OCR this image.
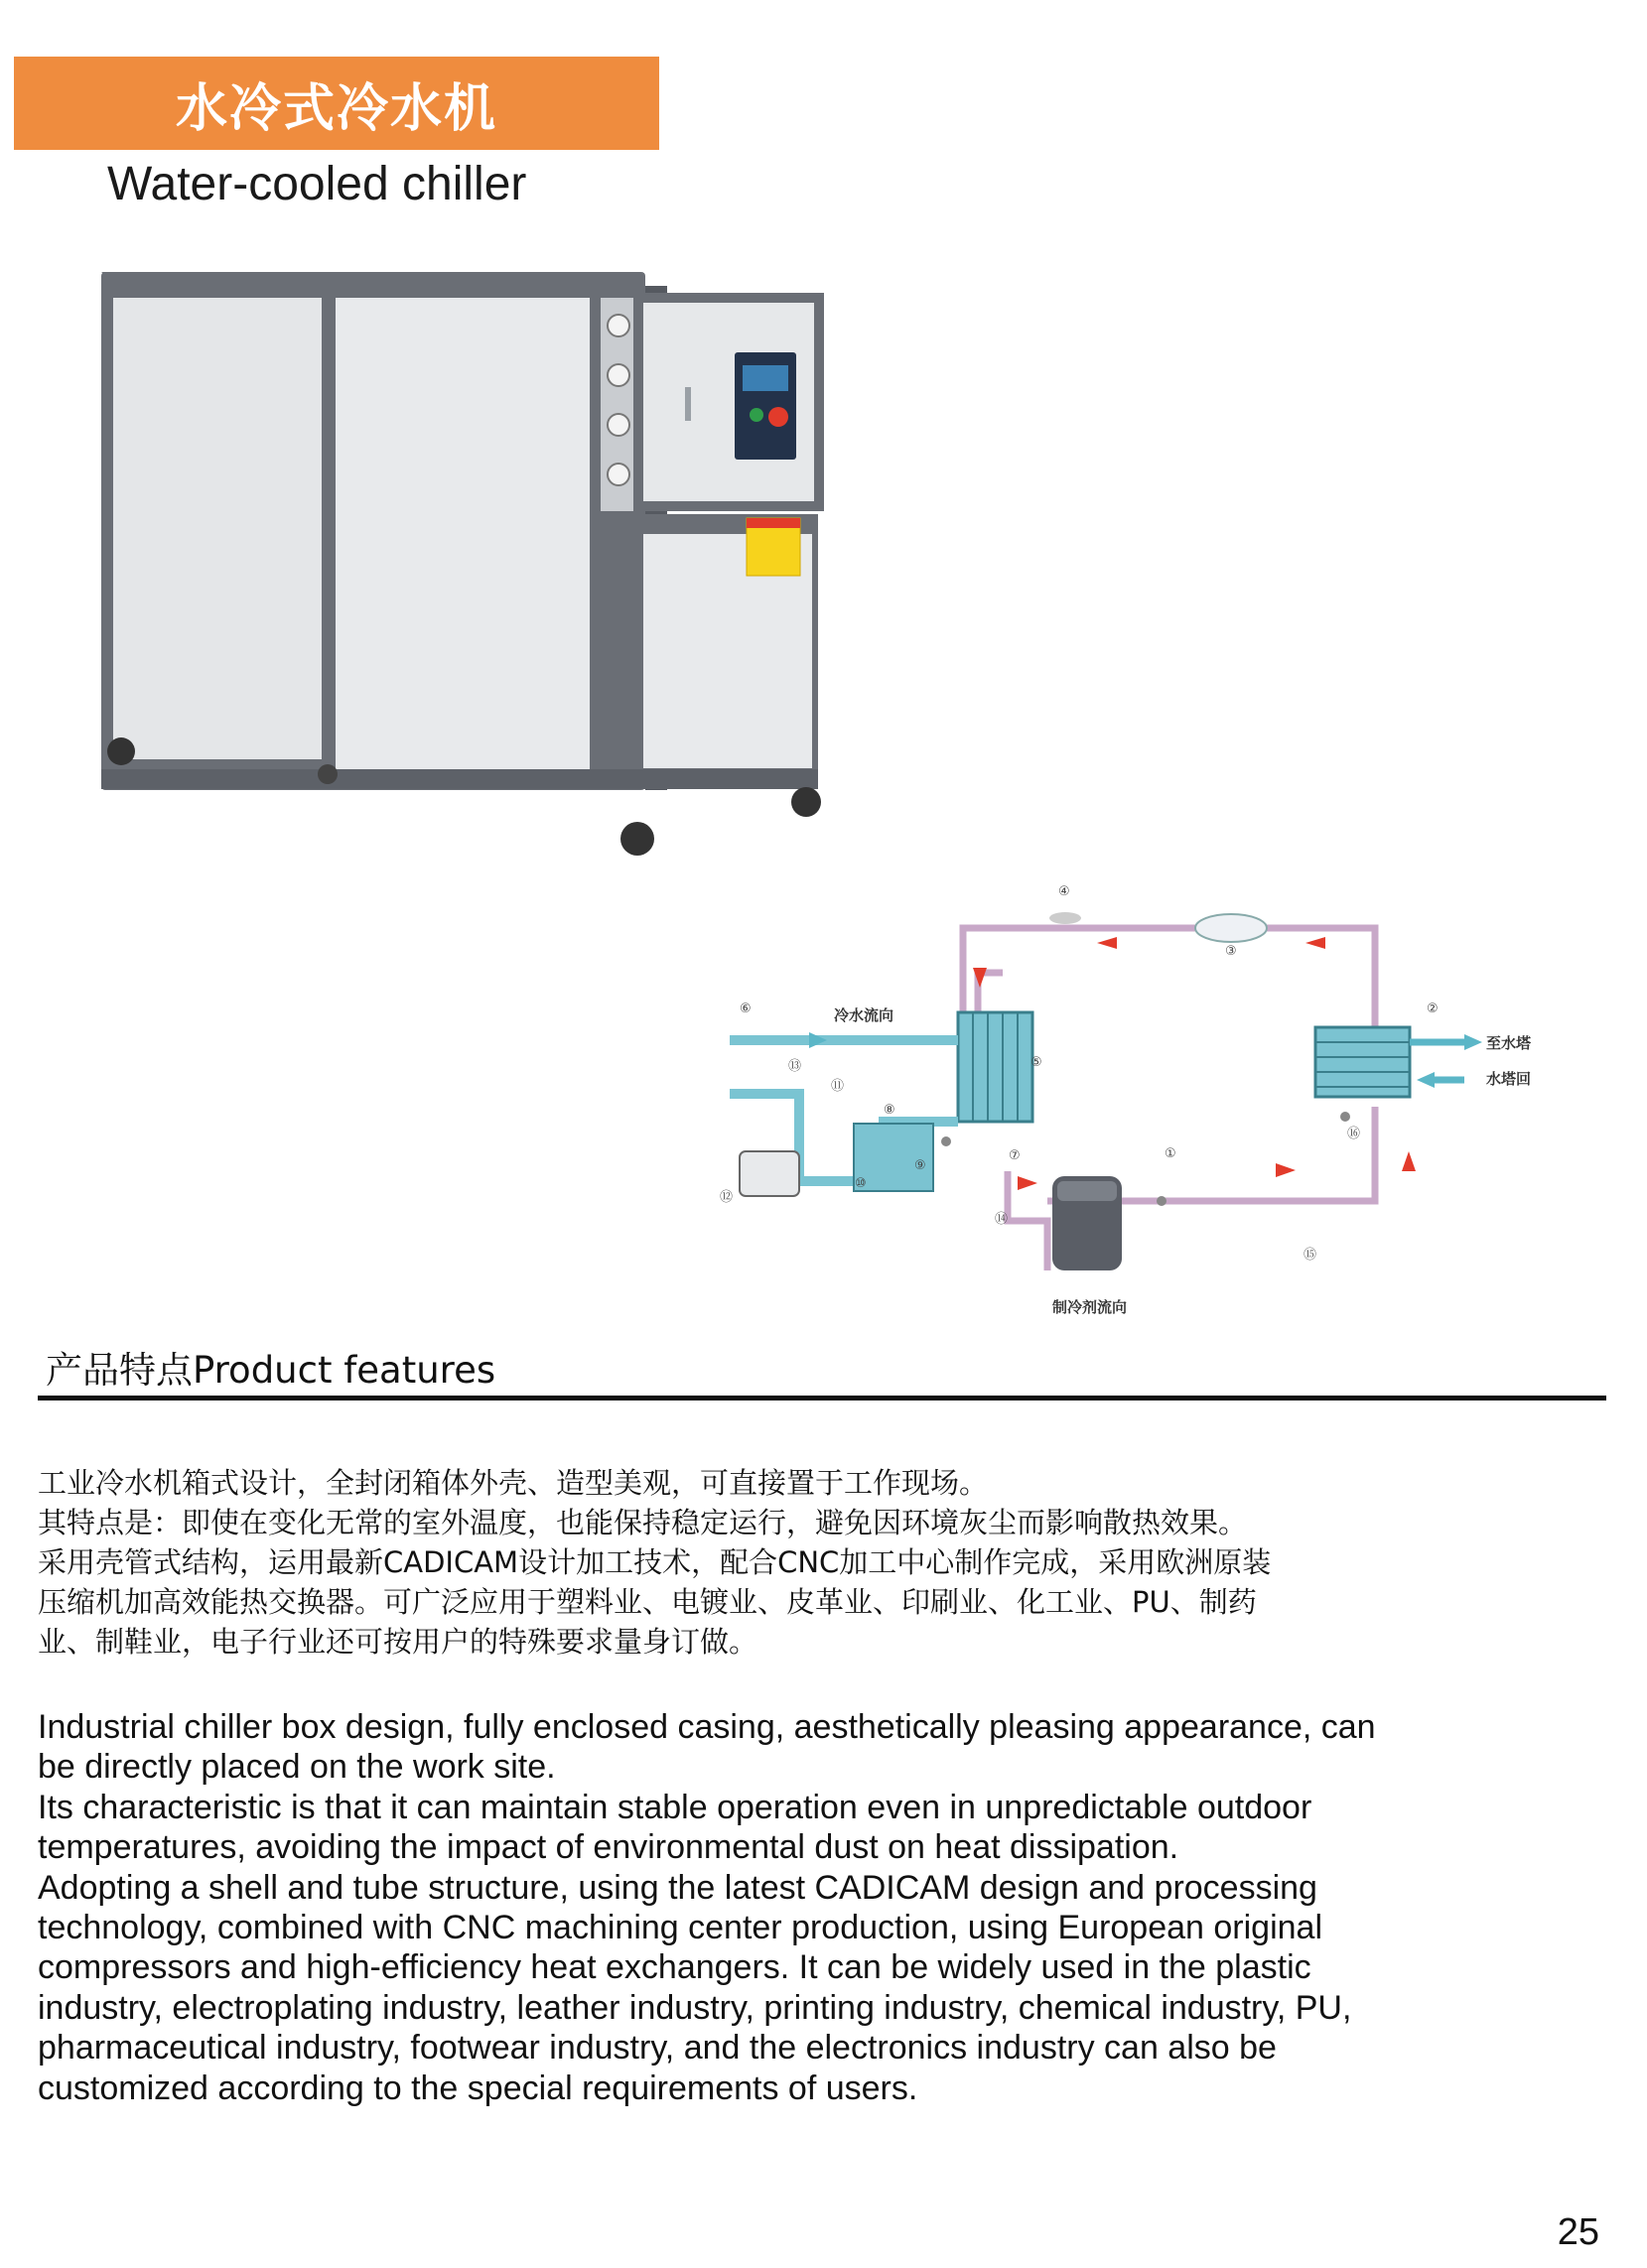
水冷式冷水机
Water-cooled chiller
冷水流向
至水塔
水塔回
制冷剂流向
①
②
③
④
⑤
⑥
⑦
⑧
⑨
⑩
⑪
⑫
⑬
⑭
⑮
⑯
产品特点Product features

工业冷水机箱式设计，全封闭箱体外壳、造型美观，可直接置于工作现场。
其特点是：即使在变化无常的室外温度，也能保持稳定运行，避免因环境灰尘而影响散热效果。
采用壳管式结构，运用最新CADICAM设计加工技术，配合CNC加工中心制作完成，采用欧洲原装
压缩机加高效能热交换器。可广泛应用于塑料业、电镀业、皮革业、印刷业、化工业、PU、制药
业、制鞋业，电子行业还可按用户的特殊要求量身订做。

Industrial chiller box design, fully enclosed casing, aesthetically pleasing appearance, can
be directly placed on the work site.
Its characteristic is that it can maintain stable operation even in unpredictable outdoor
temperatures, avoiding the impact of environmental dust on heat dissipation.
Adopting a shell and tube structure, using the latest CADICAM design and processing
technology, combined with CNC machining center production, using European original
compressors and high-efficiency heat exchangers. It can be widely used in the plastic
industry, electroplating industry, leather industry, printing industry, chemical industry, PU,
pharmaceutical industry, footwear industry, and the electronics industry can also be
customized according to the special requirements of users.

25
